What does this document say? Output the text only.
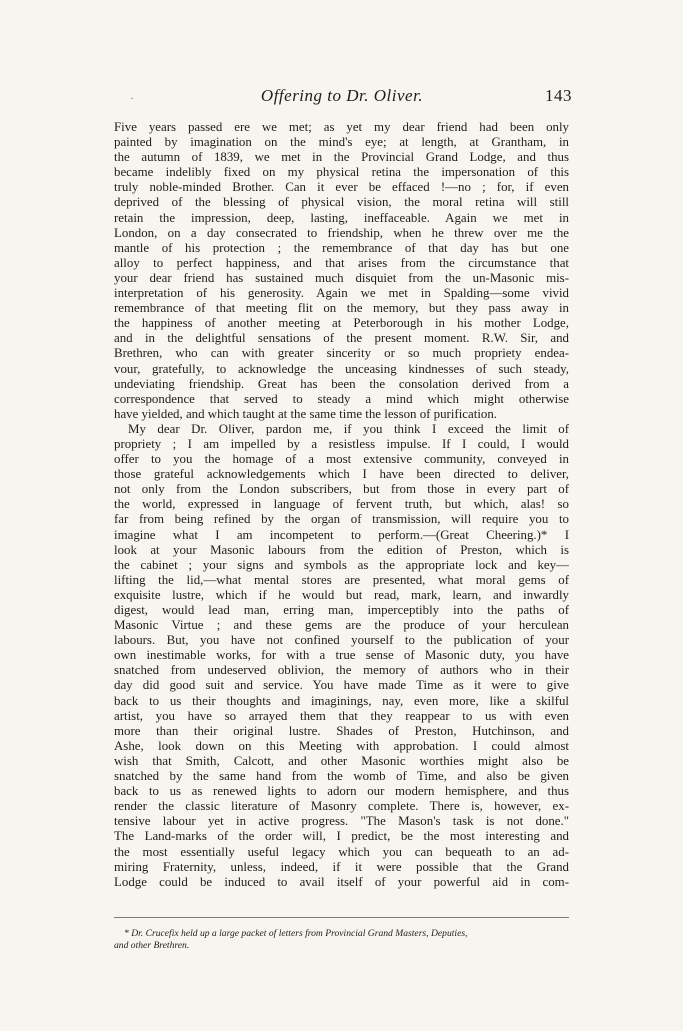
·	Offering to Dr. Oliver.	143
Five years passed ere we met; as yet my dear friend had been only
painted by imagination on the mind's eye; at length, at Grantham, in
the autumn of 1839, we met in the Provincial Grand Lodge, and thus
became indelibly fixed on my physical retina the impersonation of this
truly noble-minded Brother. Can it ever be effaced !—no ; for, if even
deprived of the blessing of physical vision, the moral retina will still
retain the impression, deep, lasting, ineffaceable. Again we met in
London, on a day consecrated to friendship, when he threw over me the
mantle of his protection ; the remembrance of that day has but one
alloy to perfect happiness, and that arises from the circumstance that
your dear friend has sustained much disquiet from the un-Masonic mis-
interpretation of his generosity. Again we met in Spalding—some vivid
remembrance of that meeting flit on the memory, but they pass away in
the happiness of another meeting at Peterborough in his mother Lodge,
and in the delightful sensations of the present moment. R.W. Sir, and
Brethren, who can with greater sincerity or so much propriety endea-
vour, gratefully, to acknowledge the unceasing kindnesses of such steady,
undeviating friendship. Great has been the consolation derived from a
correspondence that served to steady a mind which might otherwise
have yielded, and which taught at the same time the lesson of purification.
My dear Dr. Oliver, pardon me, if you think I exceed the limit of
propriety ; I am impelled by a resistless impulse. If I could, I would
offer to you the homage of a most extensive community, conveyed in
those grateful acknowledgements which I have been directed to deliver,
not only from the London subscribers, but from those in every part of
the world, expressed in language of fervent truth, but which, alas! so
far from being refined by the organ of transmission, will require you to
imagine what I am incompetent to perform.—(Great Cheering.)* I
look at your Masonic labours from the edition of Preston, which is
the cabinet ; your signs and symbols as the appropriate lock and key—
lifting the lid,—what mental stores are presented, what moral gems of
exquisite lustre, which if he would but read, mark, learn, and inwardly
digest, would lead man, erring man, imperceptibly into the paths of
Masonic Virtue ; and these gems are the produce of your herculean
labours. But, you have not confined yourself to the publication of your
own inestimable works, for with a true sense of Masonic duty, you have
snatched from undeserved oblivion, the memory of authors who in their
day did good suit and service. You have made Time as it were to give
back to us their thoughts and imaginings, nay, even more, like a skilful
artist, you have so arrayed them that they reappear to us with even
more than their original lustre. Shades of Preston, Hutchinson, and
Ashe, look down on this Meeting with approbation. I could almost
wish that Smith, Calcott, and other Masonic worthies might also be
snatched by the same hand from the womb of Time, and also be given
back to us as renewed lights to adorn our modern hemisphere, and thus
render the classic literature of Masonry complete. There is, however, ex-
tensive labour yet in active progress. "The Mason's task is not done."
The Land-marks of the order will, I predict, be the most interesting and
the most essentially useful legacy which you can bequeath to an ad-
miring Fraternity, unless, indeed, if it were possible that the Grand
Lodge could be induced to avail itself of your powerful aid in com-
* Dr. Crucefix held up a large packet of letters from Provincial Grand Masters, Deputies,
and other Brethren.
